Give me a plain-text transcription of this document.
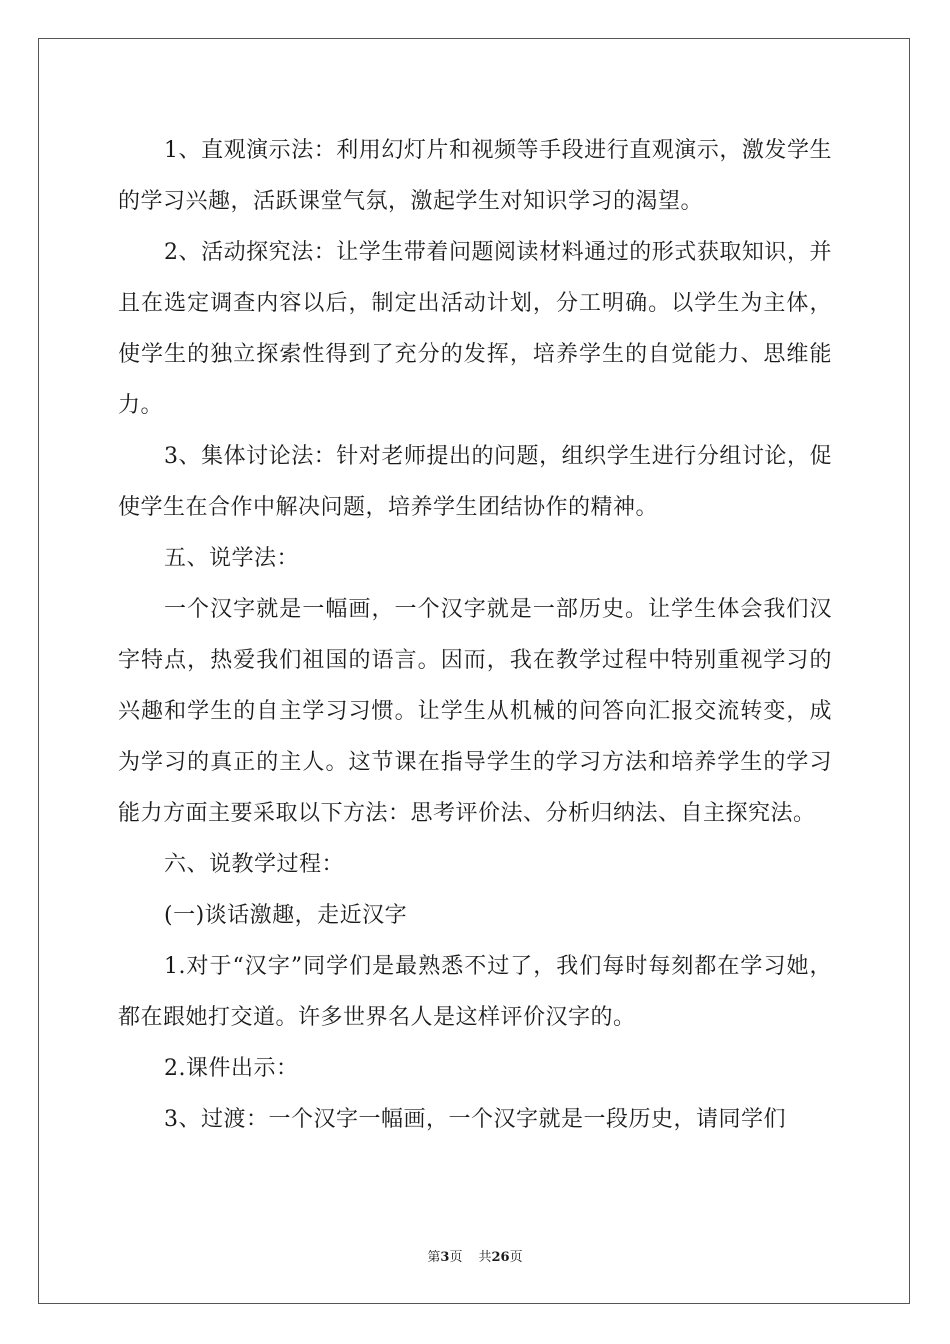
1、直观演示法：利用幻灯片和视频等手段进行直观演示，激发学生的学习兴趣，活跃课堂气氛，激起学生对知识学习的渴望。

2、活动探究法：让学生带着问题阅读材料通过的形式获取知识，并且在选定调查内容以后，制定出活动计划，分工明确。以学生为主体，使学生的独立探索性得到了充分的发挥，培养学生的自觉能力、思维能力。

3、集体讨论法：针对老师提出的问题，组织学生进行分组讨论，促使学生在合作中解决问题，培养学生团结协作的精神。

五、说学法：

一个汉字就是一幅画，一个汉字就是一部历史。让学生体会我们汉字特点，热爱我们祖国的语言。因而，我在教学过程中特别重视学习的兴趣和学生的自主学习习惯。让学生从机械的问答向汇报交流转变，成为学习的真正的主人。这节课在指导学生的学习方法和培养学生的学习能力方面主要采取以下方法：思考评价法、分析归纳法、自主探究法。

六、说教学过程：

(一)谈话激趣，走近汉字

1.对于“汉字”同学们是最熟悉不过了，我们每时每刻都在学习她，都在跟她打交道。许多世界名人是这样评价汉字的。

2.课件出示：

3、过渡：一个汉字一幅画，一个汉字就是一段历史，请同学们

第3页 共26页
